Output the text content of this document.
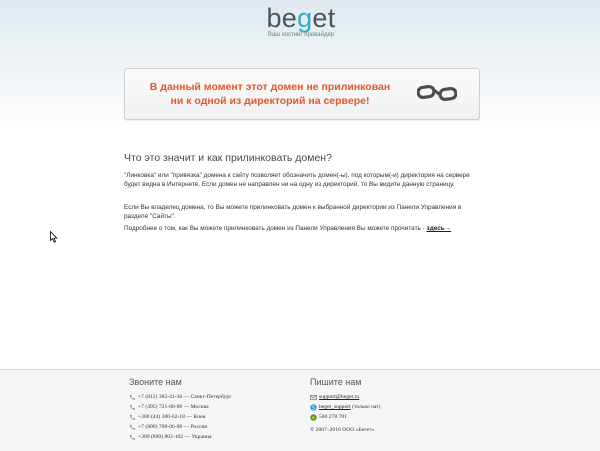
beget
Ваш хостинг провайдер
В данный момент этот домен не прилинкован
ни к одной из директорий на сервере!
Что это значит и как прилинковать домен?

"Линковка" или "привязка" домена к сайту позволяет обозначить домен(-ы), под которым(-и) директория на сервере будет видна в Интернете. Если домен не направлен ни на одну из директорий, то Вы видите данную страницу.

Если Вы владелец домена, то Вы можете прилинковать домен к выбранной директории из Панели Управления в разделе "Сайты".

Подробнее о том, как Вы можете прилинковать домен из Панели Управления Вы можете прочитать - здесь→

Звоните нам
+7 (812) 385-41-36 — Санкт-Петербург
+7 (495) 721-80-88 — Москва
+380 (44) 300-02-18 — Киев
+7 (800) 700-06-08 — Россия
+380 (800) 802-102 — Украина
Пишите нам
support@beget.ru
S beget_support (только чат)
580 278 701
© 2007–2016 ООО «Бегет»
